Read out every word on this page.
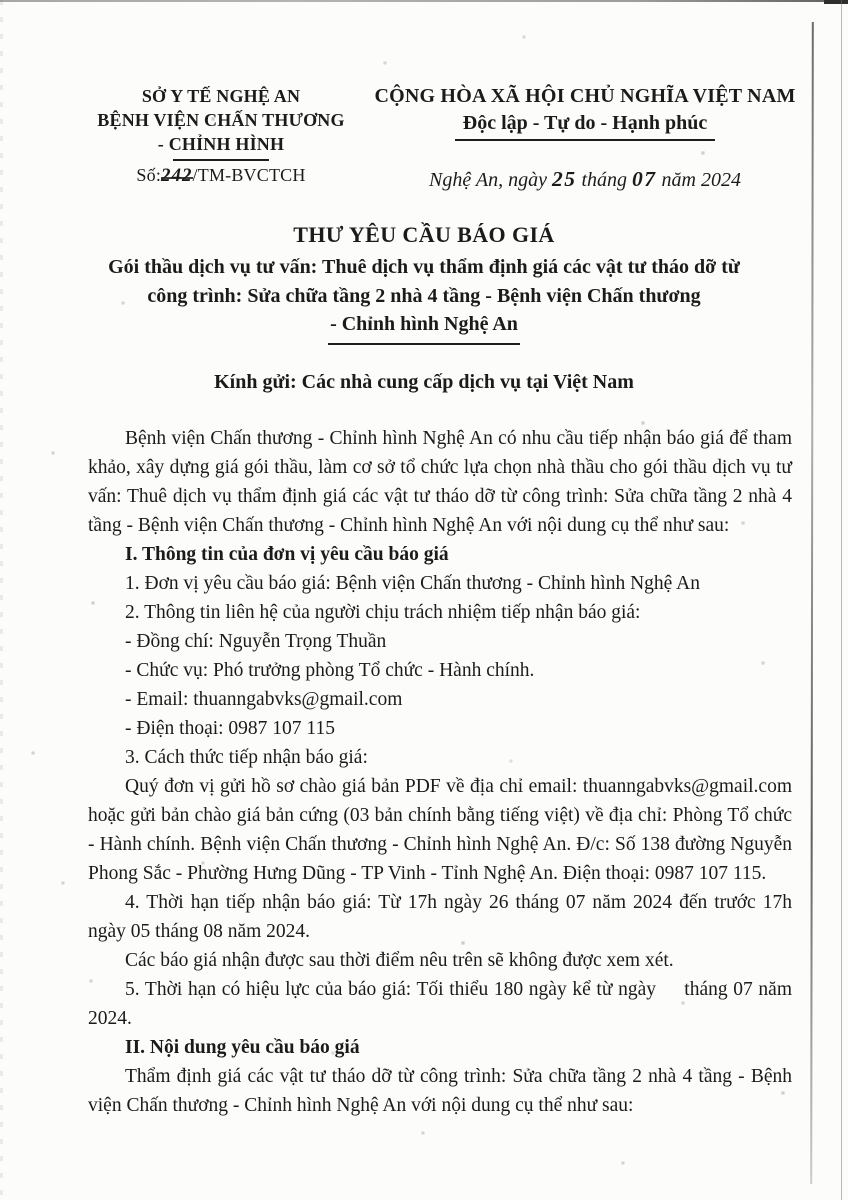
SỞ Y TẾ NGHỆ AN
BỆNH VIỆN CHẤN THƯƠNG
- CHỈNH HÌNH
Số:242/TM-BVCTCH
CỘNG HÒA XÃ HỘI CHỦ NGHĨA VIỆT NAM
Độc lập - Tự do - Hạnh phúc
Nghệ An, ngày 25 tháng 07 năm 2024
THƯ YÊU CẦU BÁO GIÁ
Gói thầu dịch vụ tư vấn: Thuê dịch vụ thẩm định giá các vật tư tháo dỡ từ
công trình: Sửa chữa tầng 2 nhà 4 tầng - Bệnh viện Chấn thương
- Chỉnh hình Nghệ An
Kính gửi: Các nhà cung cấp dịch vụ tại Việt Nam

Bệnh viện Chấn thương - Chỉnh hình Nghệ An có nhu cầu tiếp nhận báo giá để tham khảo, xây dựng giá gói thầu, làm cơ sở tổ chức lựa chọn nhà thầu cho gói thầu dịch vụ tư vấn: Thuê dịch vụ thẩm định giá các vật tư tháo dỡ từ công trình: Sửa chữa tầng 2 nhà 4 tầng - Bệnh viện Chấn thương - Chỉnh hình Nghệ An với nội dung cụ thể như sau:

I. Thông tin của đơn vị yêu cầu báo giá

1. Đơn vị yêu cầu báo giá: Bệnh viện Chấn thương - Chỉnh hình Nghệ An

2. Thông tin liên hệ của người chịu trách nhiệm tiếp nhận báo giá:

- Đồng chí: Nguyễn Trọng Thuần

- Chức vụ: Phó trưởng phòng Tổ chức - Hành chính.

- Email: thuanngabvks@gmail.com

- Điện thoại: 0987 107 115

3. Cách thức tiếp nhận báo giá:

Quý đơn vị gửi hồ sơ chào giá bản PDF về địa chỉ email: thuanngabvks@gmail.com hoặc gửi bản chào giá bản cứng (03 bản chính bằng tiếng việt) về địa chỉ: Phòng Tổ chức - Hành chính. Bệnh viện Chấn thương - Chỉnh hình Nghệ An. Đ/c: Số 138 đường Nguyễn Phong Sắc - Phường Hưng Dũng - TP Vinh - Tỉnh Nghệ An. Điện thoại: 0987 107 115.

4. Thời hạn tiếp nhận báo giá: Từ 17h ngày 26 tháng 07 năm 2024 đến trước 17h ngày 05 tháng 08 năm 2024.

Các báo giá nhận được sau thời điểm nêu trên sẽ không được xem xét.

5. Thời hạn có hiệu lực của báo giá: Tối thiểu 180 ngày kể từ ngày     tháng 07 năm 2024.

II. Nội dung yêu cầu báo giá

Thẩm định giá các vật tư tháo dỡ từ công trình: Sửa chữa tầng 2 nhà 4 tầng - Bệnh viện Chấn thương - Chỉnh hình Nghệ An với nội dung cụ thể như sau:
